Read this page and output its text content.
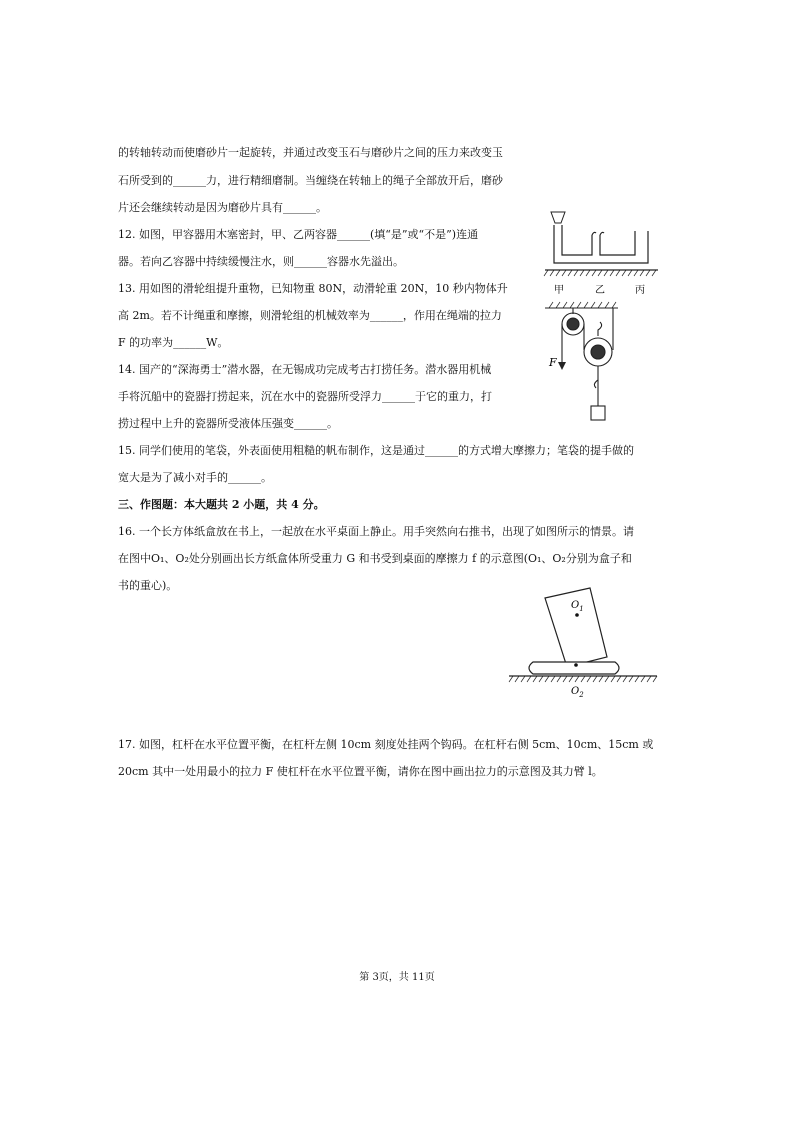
的转轴转动而使磨砂片一起旋转，并通过改变玉石与磨砂片之间的压力来改变玉
石所受到的______力，进行精细磨制。当缠绕在转轴上的绳子全部放开后，磨砂
片还会继续转动是因为磨砂片具有______。
12. 如图，甲容器用木塞密封，甲、乙两容器______(填“是”或“不是”)连通
器。若向乙容器中持续缓慢注水，则______容器水先溢出。
13. 用如图的滑轮组提升重物，已知物重 80N，动滑轮重 20N，10 秒内物体升
高 2m。若不计绳重和摩擦，则滑轮组的机械效率为______，作用在绳端的拉力
F 的功率为______W。
14. 国产的“深海勇士”潜水器，在无锡成功完成考古打捞任务。潜水器用机械
手将沉船中的瓷器打捞起来，沉在水中的瓷器所受浮力______于它的重力，打
捞过程中上升的瓷器所受液体压强变______。
15. 同学们使用的笔袋，外表面使用粗糙的帆布制作，这是通过______的方式增大摩擦力；笔袋的提手做的
宽大是为了减小对手的______。
三、作图题：本大题共 2 小题，共 4 分。
16. 一个长方体纸盒放在书上，一起放在水平桌面上静止。用手突然向右推书，出现了如图所示的情景。请
在图中O₁、O₂处分别画出长方纸盒体所受重力 G 和书受到桌面的摩擦力 f 的示意图(O₁、O₂分别为盒子和
书的重心)。
17. 如图，杠杆在水平位置平衡，在杠杆左侧 10cm 刻度处挂两个钩码。在杠杆右侧 5cm、10cm、15cm 或
20cm 其中一处用最小的拉力 F 使杠杆在水平位置平衡，请你在图中画出拉力的示意图及其力臂 l。
甲	乙	丙
F
$O_1$
$O_2$
第 3页，共 11页
